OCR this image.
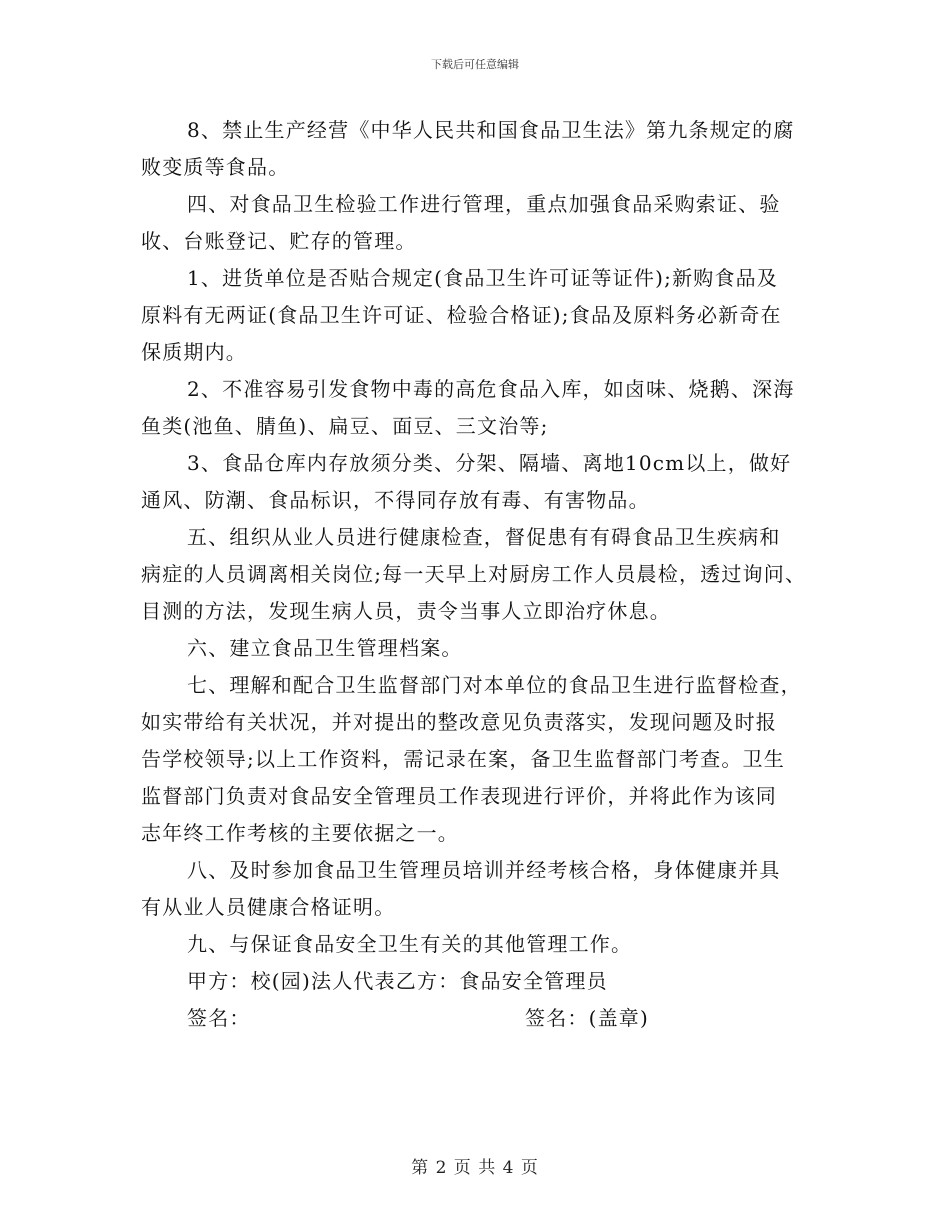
下载后可任意编辑
8、禁止生产经营《中华人民共和国食品卫生法》第九条规定的腐
败变质等食品。
四、对食品卫生检验工作进行管理，重点加强食品采购索证、验
收、台账登记、贮存的管理。
1、进货单位是否贴合规定(食品卫生许可证等证件);新购食品及
原料有无两证(食品卫生许可证、检验合格证);食品及原料务必新奇在
保质期内。
2、不准容易引发食物中毒的高危食品入库，如卤味、烧鹅、深海
鱼类(池鱼、腈鱼)、扁豆、面豆、三文治等;
3、食品仓库内存放须分类、分架、隔墙、离地10cm以上，做好
通风、防潮、食品标识，不得同存放有毒、有害物品。
五、组织从业人员进行健康检查，督促患有有碍食品卫生疾病和
病症的人员调离相关岗位;每一天早上对厨房工作人员晨检，透过询问、
目测的方法，发现生病人员，责令当事人立即治疗休息。
六、建立食品卫生管理档案。
七、理解和配合卫生监督部门对本单位的食品卫生进行监督检查，
如实带给有关状况，并对提出的整改意见负责落实，发现问题及时报
告学校领导;以上工作资料，需记录在案，备卫生监督部门考查。卫生
监督部门负责对食品安全管理员工作表现进行评价，并将此作为该同
志年终工作考核的主要依据之一。
八、及时参加食品卫生管理员培训并经考核合格，身体健康并具
有从业人员健康合格证明。
九、与保证食品安全卫生有关的其他管理工作。
甲方：校(园)法人代表乙方：食品安全管理员
签名：	签名：(盖章)
第 2 页 共 4 页
